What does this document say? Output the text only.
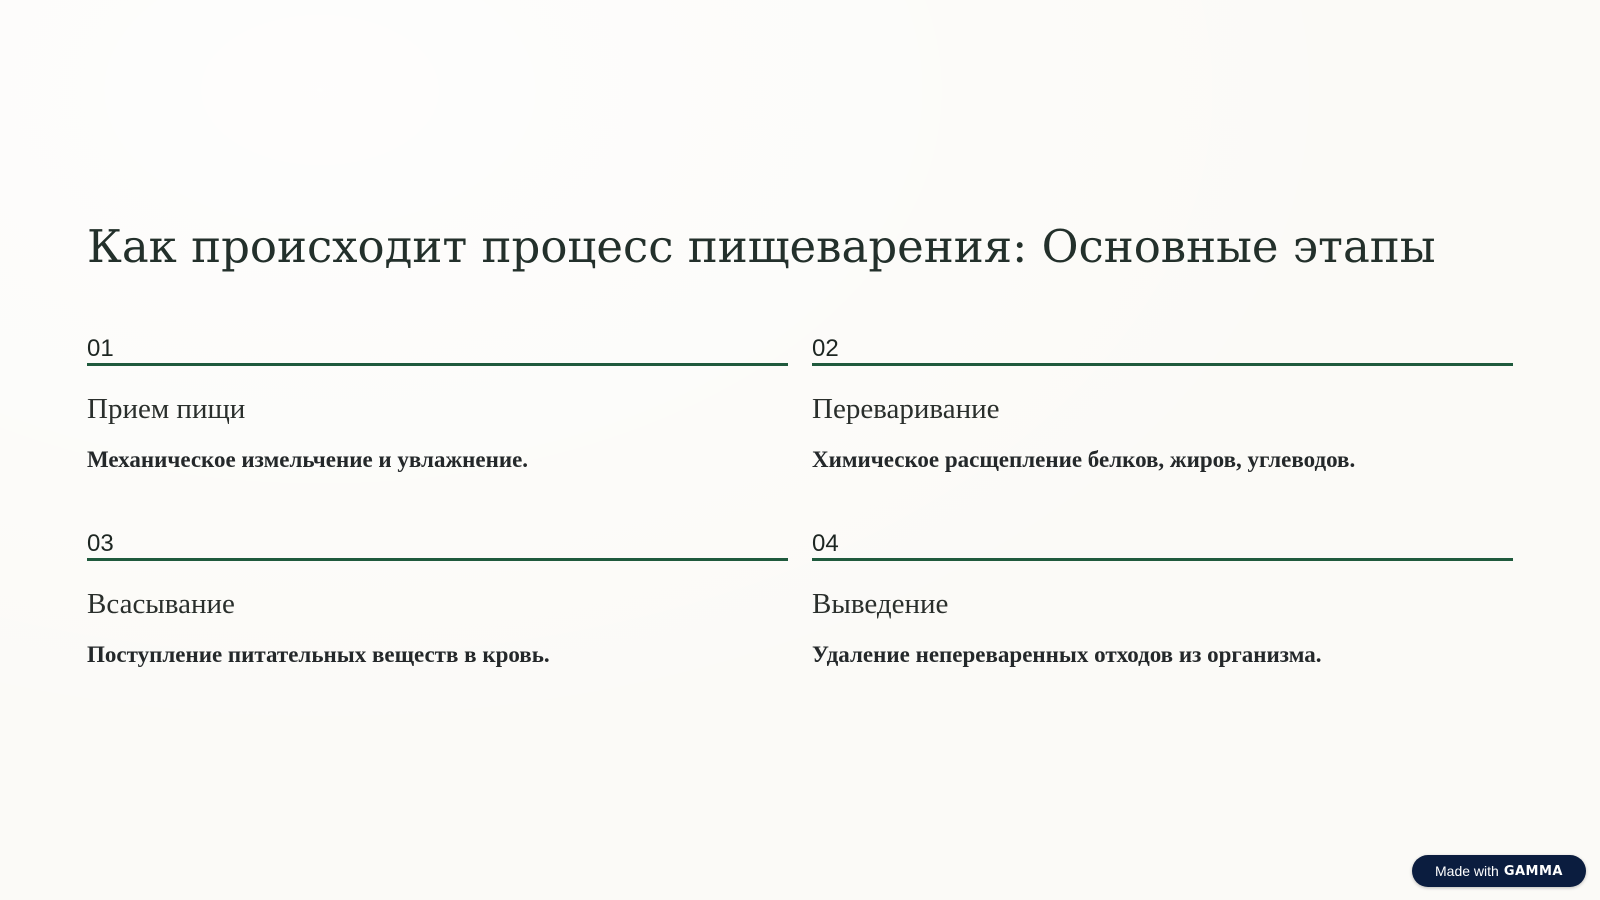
Как происходит процесс пищеварения: Основные этапы
01
Прием пищи
Механическое измельчение и увлажнение.
02
Переваривание
Химическое расщепление белков, жиров, углеводов.
03
Всасывание
Поступление питательных веществ в кровь.
04
Выведение
Удаление непереваренных отходов из организма.
Made with GAMMA
